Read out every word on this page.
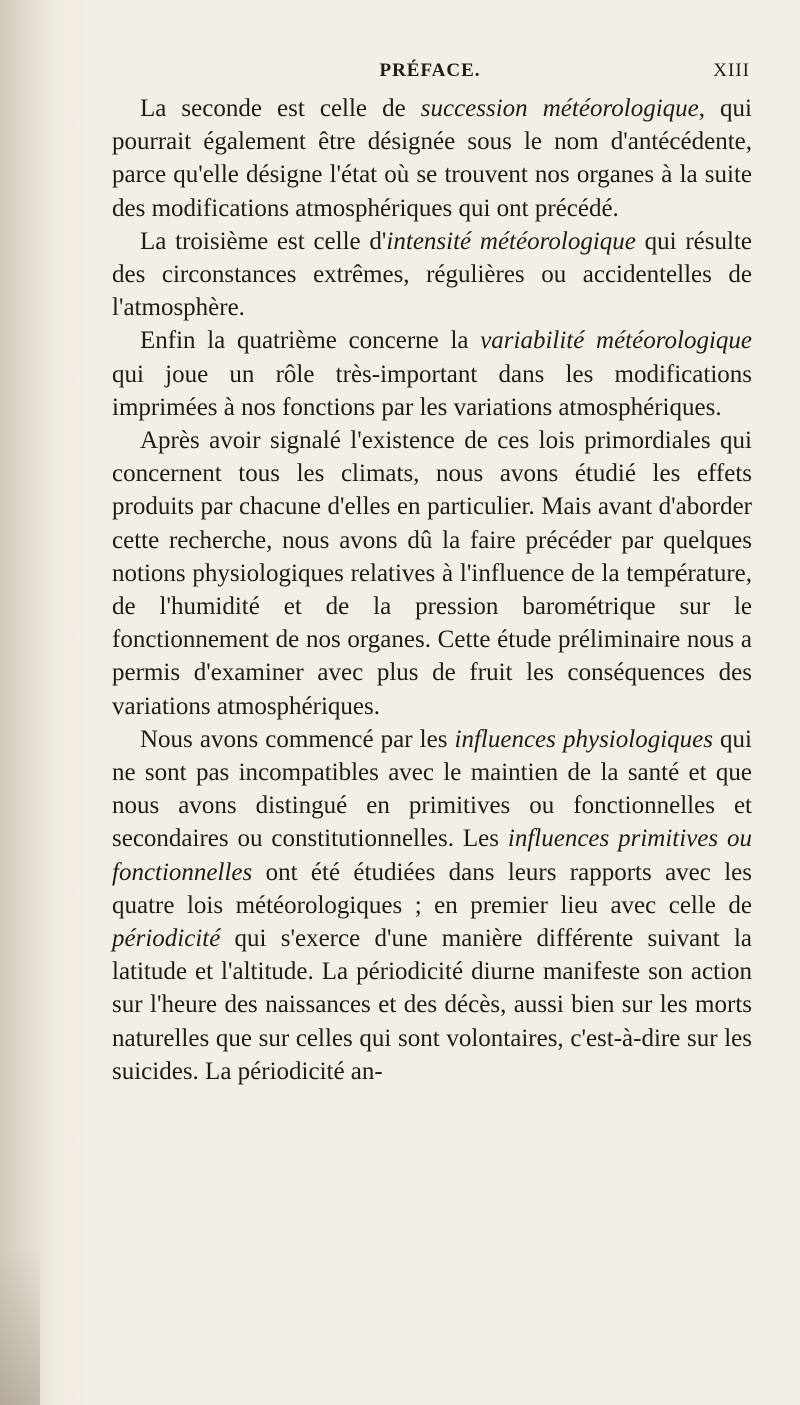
PRÉFACE.	XIII

La seconde est celle de succession météorologique, qui pourrait également être désignée sous le nom d'antécédente, parce qu'elle désigne l'état où se trouvent nos organes à la suite des modifications atmosphériques qui ont précédé.

La troisième est celle d'intensité météorologique qui résulte des circonstances extrêmes, régulières ou accidentelles de l'atmosphère.

Enfin la quatrième concerne la variabilité météorologique qui joue un rôle très-important dans les modifications imprimées à nos fonctions par les variations atmosphériques.

Après avoir signalé l'existence de ces lois primordiales qui concernent tous les climats, nous avons étudié les effets produits par chacune d'elles en particulier. Mais avant d'aborder cette recherche, nous avons dû la faire précéder par quelques notions physiologiques relatives à l'influence de la température, de l'humidité et de la pression barométrique sur le fonctionnement de nos organes. Cette étude préliminaire nous a permis d'examiner avec plus de fruit les conséquences des variations atmosphériques.

Nous avons commencé par les influences physiologiques qui ne sont pas incompatibles avec le maintien de la santé et que nous avons distingué en primitives ou fonctionnelles et secondaires ou constitutionnelles. Les influences primitives ou fonctionnelles ont été étudiées dans leurs rapports avec les quatre lois météorologiques ; en premier lieu avec celle de périodicité qui s'exerce d'une manière différente suivant la latitude et l'altitude. La périodicité diurne manifeste son action sur l'heure des naissances et des décès, aussi bien sur les morts naturelles que sur celles qui sont volontaires, c'est-à-dire sur les suicides. La périodicité an-
